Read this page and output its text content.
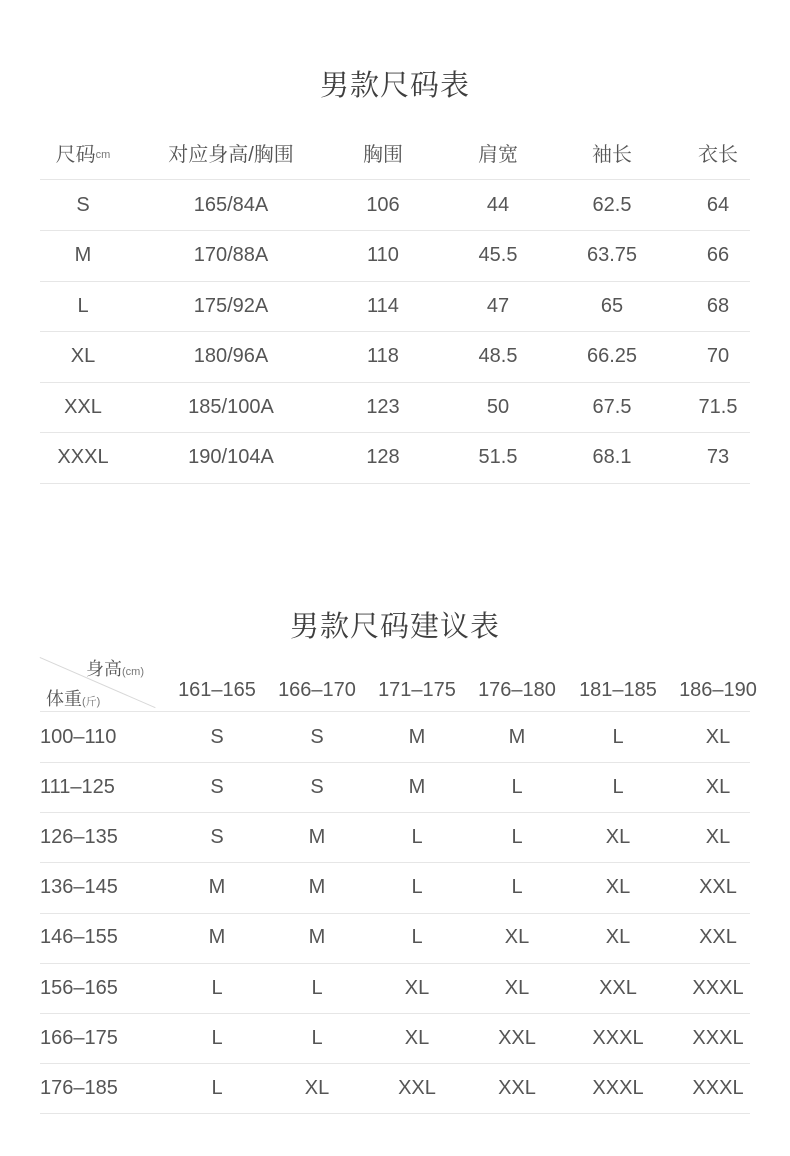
男款尺码表
尺码 cm	对应身高/胸围	胸围	肩宽	袖长	衣长
S	165/84A	106	44	62.5	64
M	170/88A	110	45.5	63.75	66
L	175/92A	114	47	65	68
XL	180/96A	118	48.5	66.25	70
XXL	185/100A	123	50	67.5	71.5
XXXL	190/104A	128	51.5	68.1	73
男款尺码建议表
身高(cm)
体重(斤)
161–165	166–170	171–175	176–180	181–185	186–190
100–110	S	S	M	M	L	XL
111–125	S	S	M	L	L	XL
126–135	S	M	L	L	XL	XL
136–145	M	M	L	L	XL	XXL
146–155	M	M	L	XL	XL	XXL
156–165	L	L	XL	XL	XXL	XXXL
166–175	L	L	XL	XXL	XXXL	XXXL
176–185	L	XL	XXL	XXL	XXXL	XXXL
